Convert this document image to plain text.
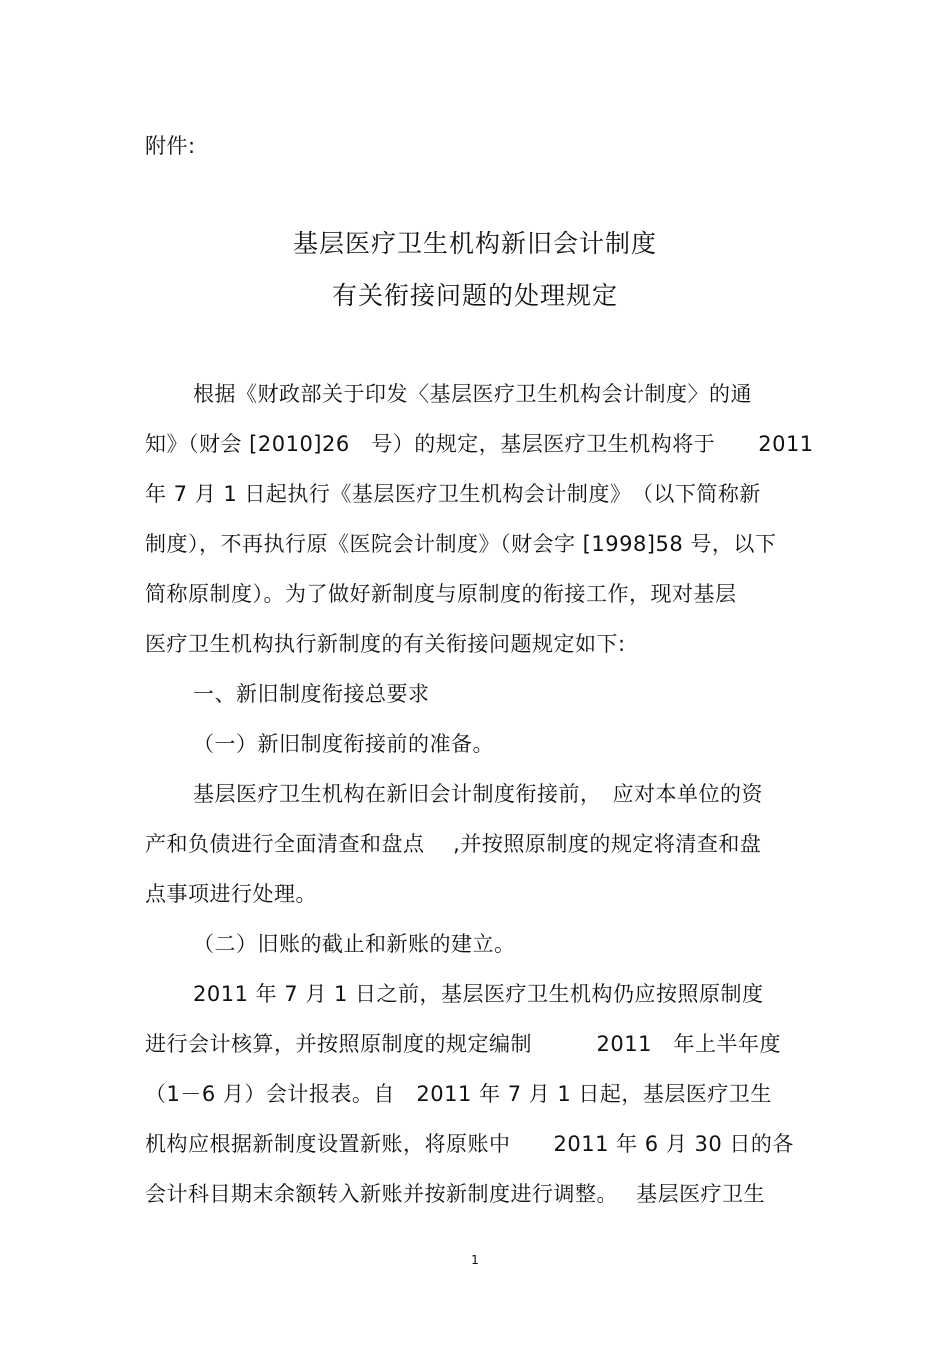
附件:
基层医疗卫生机构新旧会计制度
有关衔接问题的处理规定
根据《财政部关于印发〈基层医疗卫生机构会计制度〉的通
知》（财会 [2010]26　号）的规定，基层医疗卫生机构将于　　2011
年 7 月 1 日起执行《基层医疗卫生机构会计制度》　（以下简称新
制度），不再执行原《医院会计制度》（财会字 [1998]58 号，以下
简称原制度）。为了做好新制度与原制度的衔接工作，现对基层
医疗卫生机构执行新制度的有关衔接问题规定如下:
一、新旧制度衔接总要求
（一）新旧制度衔接前的准备。
基层医疗卫生机构在新旧会计制度衔接前，　应对本单位的资
产和负债进行全面清查和盘点　 ,并按照原制度的规定将清查和盘
点事项进行处理。
（二）旧账的截止和新账的建立。
2011 年 7 月 1 日之前，基层医疗卫生机构仍应按照原制度
进行会计核算，并按照原制度的规定编制　　　2011　年上半年度
（1－6 月）会计报表。自　2011 年 7 月 1 日起，基层医疗卫生
机构应根据新制度设置新账，将原账中　　2011 年 6 月 30 日的各
会计科目期末余额转入新账并按新制度进行调整。　 基层医疗卫生
1
